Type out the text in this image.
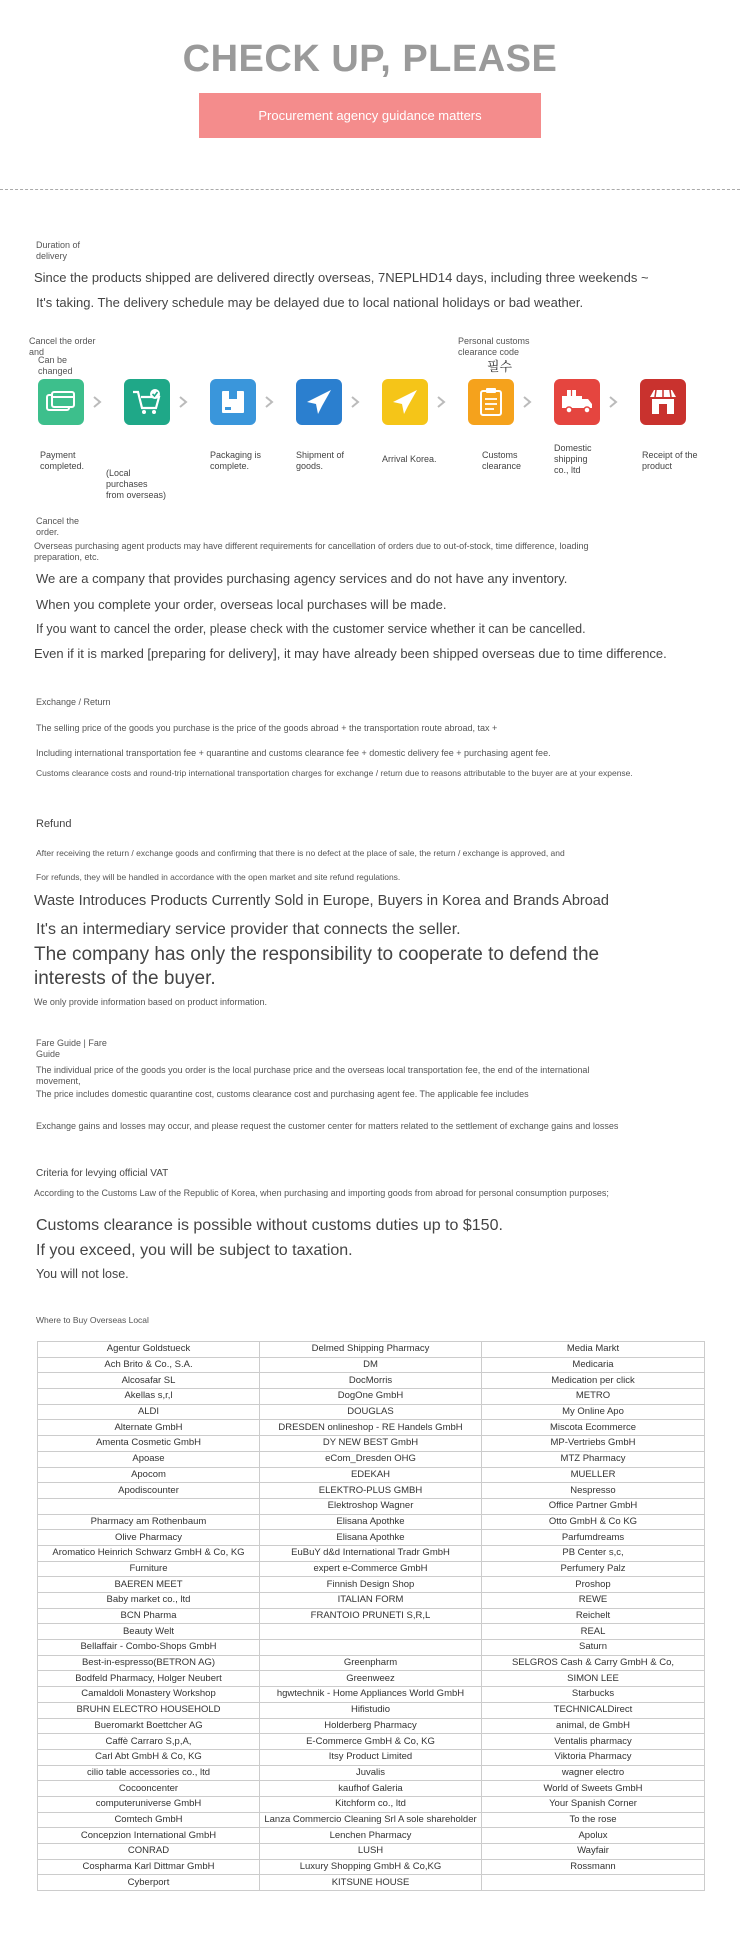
CHECK UP, PLEASE
Procurement agency guidance matters
Duration of delivery
Since the products shipped are delivered directly overseas, 7NEPLHD14 days, including three weekends ~
It's taking. The delivery schedule may be delayed due to local national holidays or bad weather.
Cancel the order and
Can be changed
Personal customs clearance code
필수
Payment completed.
(Local purchases from overseas)
Packaging is complete.
Shipment of goods.
Arrival Korea.	Customs clearance
Domestic shipping co., ltd
Receipt of the product
Cancel the order.
Overseas purchasing agent products may have different requirements for cancellation of orders due to out-of-stock, time difference, loading preparation, etc.
We are a company that provides purchasing agency services and do not have any inventory.
When you complete your order, overseas local purchases will be made.
If you want to cancel the order, please check with the customer service whether it can be cancelled.
Even if it is marked [preparing for delivery], it may have already been shipped overseas due to time difference.
Exchange / Return
The selling price of the goods you purchase is the price of the goods abroad + the transportation route abroad, tax +
Including international transportation fee + quarantine and customs clearance fee + domestic delivery fee + purchasing agent fee.
Customs clearance costs and round-trip international transportation charges for exchange / return due to reasons attributable to the buyer are at your expense.
Refund
After receiving the return / exchange goods and confirming that there is no defect at the place of sale, the return / exchange is approved, and
For refunds, they will be handled in accordance with the open market and site refund regulations.
Waste Introduces Products Currently Sold in Europe, Buyers in Korea and Brands Abroad
It's an intermediary service provider that connects the seller.
The company has only the responsibility to cooperate to defend the
interests of the buyer.
We only provide information based on product information.
Fare Guide | Fare Guide
The individual price of the goods you order is the local purchase price and the overseas local transportation fee, the end of the international movement,
The price includes domestic quarantine cost, customs clearance cost and purchasing agent fee. The applicable fee includes
Exchange gains and losses may occur, and please request the customer center for matters related to the settlement of exchange gains and losses
Criteria for levying official VAT
According to the Customs Law of the Republic of Korea, when purchasing and importing goods from abroad for personal consumption purposes;
Customs clearance is possible without customs duties up to $150.
If you exceed, you will be subject to taxation.
You will not lose.
Where to Buy Overseas Local
Agentur Goldstueck	Delmed Shipping Pharmacy	Media Markt
Ach Brito & Co., S.A.	DM	Medicaria
Alcosafar SL	DocMorris	Medication per click
Akellas s,r,l	DogOne GmbH	METRO
ALDI	DOUGLAS	My Online Apo
Alternate GmbH	DRESDEN onlineshop - RE Handels GmbH	Miscota Ecommerce
Amenta Cosmetic GmbH	DY NEW BEST GmbH	MP-Vertriebs GmbH
Apoase	eCom_Dresden OHG	MTZ Pharmacy
Apocom	EDEKAH	MUELLER
Apodiscounter	ELEKTRO-PLUS GMBH	Nespresso
	Elektroshop Wagner	Office Partner GmbH
Pharmacy am Rothenbaum	Elisana Apothke	Otto GmbH & Co KG
Olive Pharmacy	Elisana Apothke	Parfumdreams
Aromatico Heinrich Schwarz GmbH & Co, KG	EuBuY d&d International Tradr GmbH	PB Center s,c,
Furniture	expert e-Commerce GmbH	Perfumery Palz
BAEREN MEET	Finnish Design Shop	Proshop
Baby market co., ltd	ITALIAN FORM	REWE
BCN Pharma	FRANTOIO PRUNETI S,R,L	Reichelt
Beauty Welt		REAL
Bellaffair - Combo-Shops GmbH		Saturn
Best-in-espresso(BETRON AG)	Greenpharm	SELGROS Cash & Carry GmbH & Co,
Bodfeld Pharmacy, Holger Neubert	Greenweez	SIMON LEE
Camaldoli Monastery Workshop	hgwtechnik - Home Appliances World GmbH	Starbucks
BRUHN ELECTRO HOUSEHOLD	Hifistudio	TECHNICALDirect
Bueromarkt Boettcher AG	Holderberg Pharmacy	animal, de GmbH
Caffè Carraro S,p,A,	E-Commerce GmbH & Co, KG	Ventalis pharmacy
Carl Abt GmbH & Co, KG	Itsy Product Limited	Viktoria Pharmacy
cilio table accessories co., ltd	Juvalis	wagner electro
Cocooncenter	kaufhof Galeria	World of Sweets GmbH
computeruniverse GmbH	Kitchform co., ltd	Your Spanish Corner
Comtech GmbH	Lanza Commercio Cleaning Srl A sole shareholder	To the rose
Concepzion International GmbH	Lenchen Pharmacy	Apolux
CONRAD	LUSH	Wayfair
Cospharma Karl Dittmar GmbH	Luxury Shopping GmbH & Co,KG	Rossmann
Cyberport	KITSUNE HOUSE	
